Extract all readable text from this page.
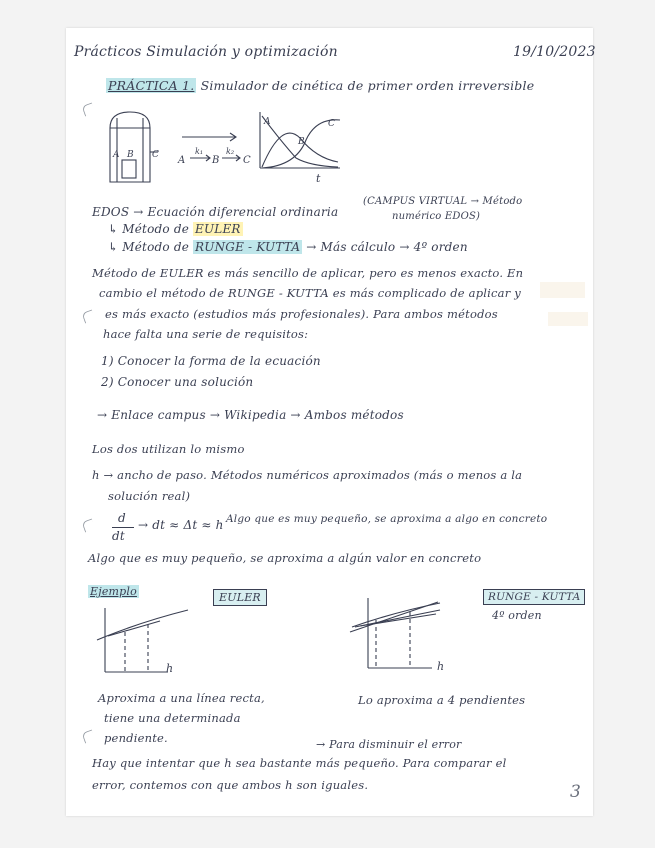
Prácticos Simulación y optimización	19/10/2023
PRÁCTICA 1. Simulador de cinética de primer orden irreversible
A B C A	B C
k₁	k₂
A
B
C
t
EDOS → Ecuación diferencial ordinaria
(CAMPUS VIRTUAL → Método
numérico EDOS)
↳ Método de EULER
↳ Método de RUNGE - KUTTA → Más cálculo → 4º orden
Método de EULER es más sencillo de aplicar, pero es menos exacto. En
cambio el método de RUNGE - KUTTA es más complicado de aplicar y
es más exacto (estudios más profesionales). Para ambos métodos
hace falta una serie de requisitos:
1) Conocer la forma de la ecuación
2) Conocer una solución
→ Enlace campus → Wikipedia → Ambos métodos
Los dos utilizan lo mismo
h → ancho de paso. Métodos numéricos aproximados (más o menos a la
solución real)
d
dt
→ dt ≈ Δt ≈ h Algo que es muy pequeño, se aproxima a algo en concreto
Algo que es muy pequeño, se aproxima a algún valor en concreto
Ejemplo	EULER	RUNGE - KUTTA
4º orden
h	h
Aproxima a una línea recta,
tiene una determinada
pendiente.
Lo aproxima a 4 pendientes
→ Para disminuir el error
Hay que intentar que h sea bastante más pequeño. Para comparar el
error, contemos con que ambos h son iguales.	3
